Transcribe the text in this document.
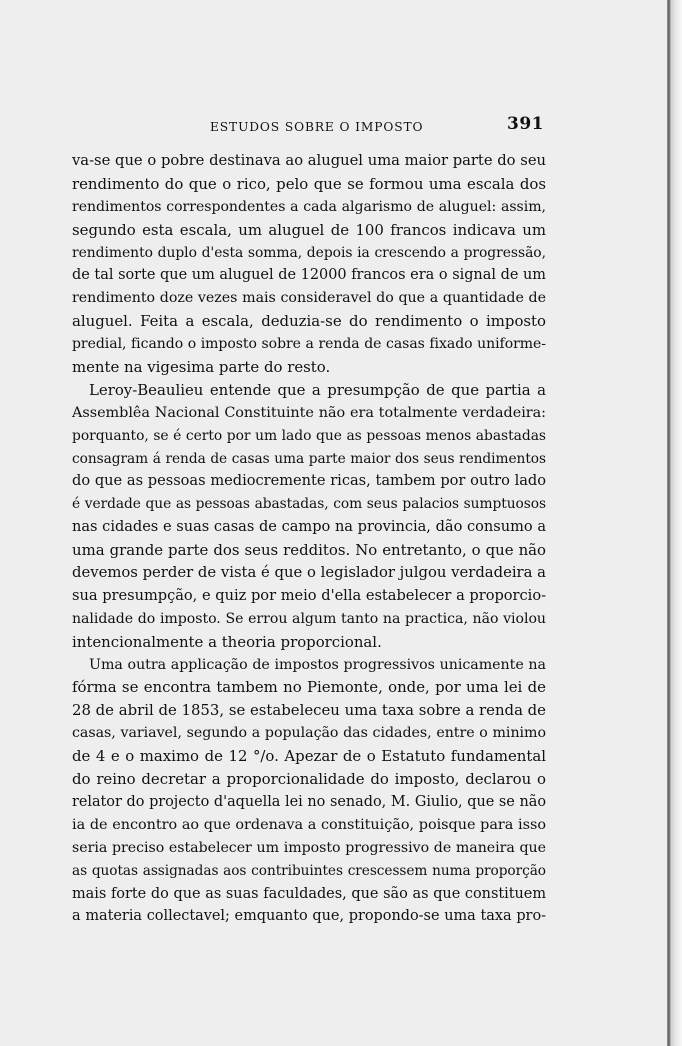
ESTUDOS SOBRE O IMPOSTO	391
va-se que o pobre destinava ao aluguel uma maior parte do seu
rendimento do que o rico, pelo que se formou uma escala dos
rendimentos correspondentes a cada algarismo de aluguel: assim,
segundo esta escala, um aluguel de 100 francos indicava um
rendimento duplo d'esta somma, depois ia crescendo a progressão,
de tal sorte que um aluguel de 12000 francos era o signal de um
rendimento doze vezes mais consideravel do que a quantidade de
aluguel. Feita a escala, deduzia-se do rendimento o imposto
predial, ficando o imposto sobre a renda de casas fixado uniforme-
mente na vigesima parte do resto.
Leroy-Beaulieu entende que a presumpção de que partia a
Assemblêa Nacional Constituinte não era totalmente verdadeira:
porquanto, se é certo por um lado que as pessoas menos abastadas
consagram á renda de casas uma parte maior dos seus rendimentos
do que as pessoas mediocremente ricas, tambem por outro lado
é verdade que as pessoas abastadas, com seus palacios sumptuosos
nas cidades e suas casas de campo na provincia, dão consumo a
uma grande parte dos seus redditos. No entretanto, o que não
devemos perder de vista é que o legislador julgou verdadeira a
sua presumpção, e quiz por meio d'ella estabelecer a proporcio-
nalidade do imposto. Se errou algum tanto na practica, não violou
intencionalmente a theoria proporcional.
Uma outra applicação de impostos progressivos unicamente na
fórma se encontra tambem no Piemonte, onde, por uma lei de
28 de abril de 1853, se estabeleceu uma taxa sobre a renda de
casas, variavel, segundo a população das cidades, entre o minimo
de 4 e o maximo de 12 °/o. Apezar de o Estatuto fundamental
do reino decretar a proporcionalidade do imposto, declarou o
relator do projecto d'aquella lei no senado, M. Giulio, que se não
ia de encontro ao que ordenava a constituição, poisque para isso
seria preciso estabelecer um imposto progressivo de maneira que
as quotas assignadas aos contribuintes crescessem numa proporção
mais forte do que as suas faculdades, que são as que constituem
a materia collectavel; emquanto que, propondo-se uma taxa pro-
